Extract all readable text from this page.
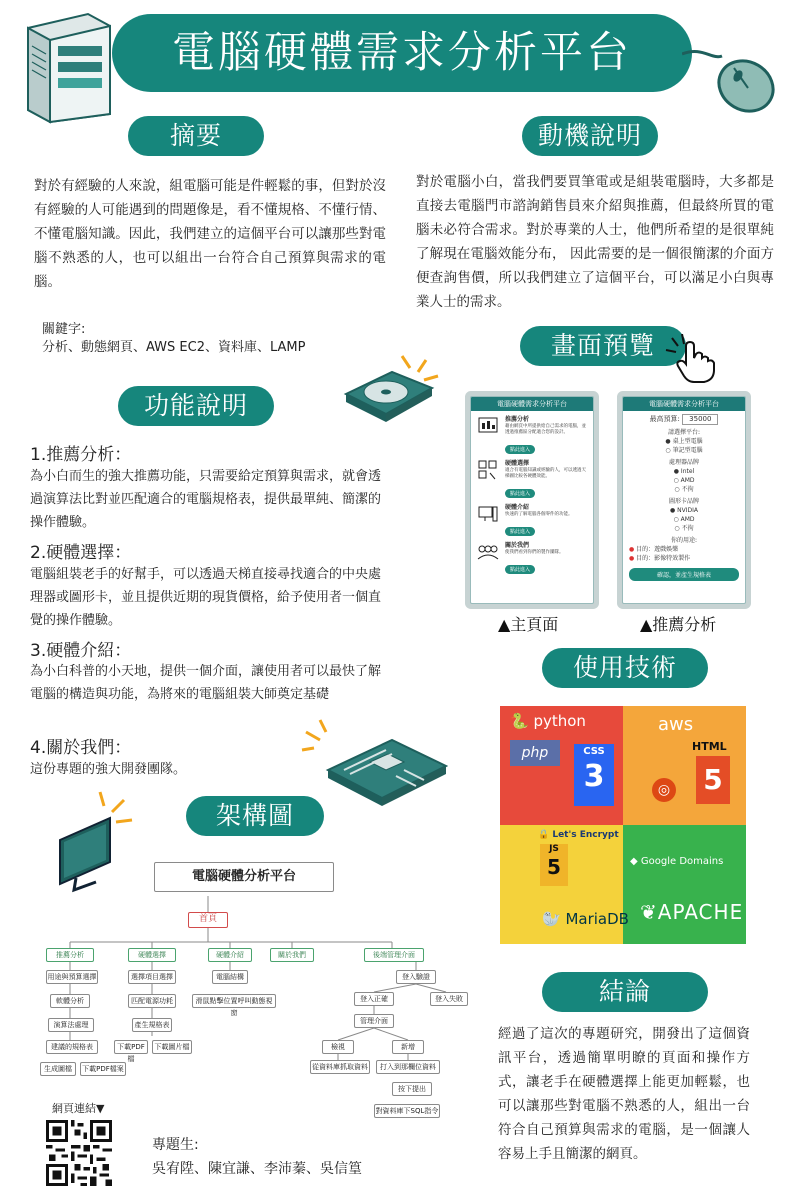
電腦硬體需求分析平台
摘要
對於有經驗的人來說，組電腦可能是件輕鬆的事，但對於沒有經驗的人可能遇到的問題像是，看不懂規格、不懂行情、不懂電腦知識。因此，我們建立的這個平台可以讓那些對電腦不熟悉的人，也可以組出一台符合自己預算與需求的電腦。
動機說明
對於電腦小白，當我們要買筆電或是組裝電腦時，大多都是直接去電腦門市諮詢銷售員來介紹與推薦，但最終所買的電腦未必符合需求。對於專業的人士，他們所希望的是很單純了解現在電腦效能分布， 因此需要的是一個很簡潔的介面方便查詢售價，所以我們建立了這個平台，可以滿足小白與專業人士的需求。
關鍵字:
分析、動態網頁、AWS EC2、資料庫、LAMP
功能說明
1.推薦分析：
為小白而生的強大推薦功能，只需要給定預算與需求，就會透過演算法比對並匹配適合的電腦規格表，提供最單純、簡潔的操作體驗。
2.硬體選擇：
電腦組裝老手的好幫手，可以透過天梯直接尋找適合的中央處理器或圖形卡，並且提供近期的現貨價格，給予使用者一個直覺的操作體驗。
3.硬體介紹：
為小白科普的小天地，提供一個介面，讓使用者可以最快了解電腦的構造與功能，為將來的電腦組裝大師奠定基礎
4.關於我們：
這份專題的強大開發團隊。
畫面預覽
電腦硬體需求分析平台
推薦分析
藉由網頁中所提供給自己需求的電腦，並透過推薦區分配適合您的設計。
點此進入
硬體選擇
適合有電腦知識或經驗的人，可以透過天梯圖比較各硬體效能。
點此進入
硬體介紹
快速的了解電腦各個零件的功能。
點此進入
關於我們
使我們看到你們的製作團隊。
點此進入
電腦硬體需求分析平台
最高預算: 35000
請選擇平台:
● 桌上型電腦
○ 筆記型電腦
處理器品牌
● Intel
○ AMD
○ 不拘
圖形卡品牌
● NVIDIA
○ AMD
○ 不拘
你的用途:
● 目的：遊戲娛樂
● 目的：影像特效製作
確認，並產生規格表
▲主頁面	▲推薦分析
使用技術
🐍 python
php	CSS
3
aws
HTML
5
◎
🔒 Let's Encrypt
JS
5	◆ Google Domains
🦭 MariaDB ❦APACHE
架構圖
電腦硬體分析平台
首頁
推薦分析	硬體選擇	硬體介紹	關於我們	後端管理介面
用途與預算選擇
軟體分析
演算法處理
建議的規格表
生成圖檔	下載PDF檔案
選擇項目選擇
匹配電源功耗
產生規格表
下載PDF檔
下載圖片檔
電腦結構
滑鼠點擊位置呼叫動態視窗
登入驗證
登入正確	登入失敗
管理介面
檢視	新增
從資料庫抓取資料	打入到那欄位資料
按下提出
對資料庫下SQL指令
結論
經過了這次的專題研究，開發出了這個資訊平台，透過簡單明瞭的頁面和操作方式，讓老手在硬體選擇上能更加輕鬆，也可以讓那些對電腦不熟悉的人，組出一台符合自己預算與需求的電腦，是一個讓人容易上手且簡潔的網頁。
網頁連結▼
專題生:
吳宥陞、陳宜謙、李沛蓁、吳信篁
